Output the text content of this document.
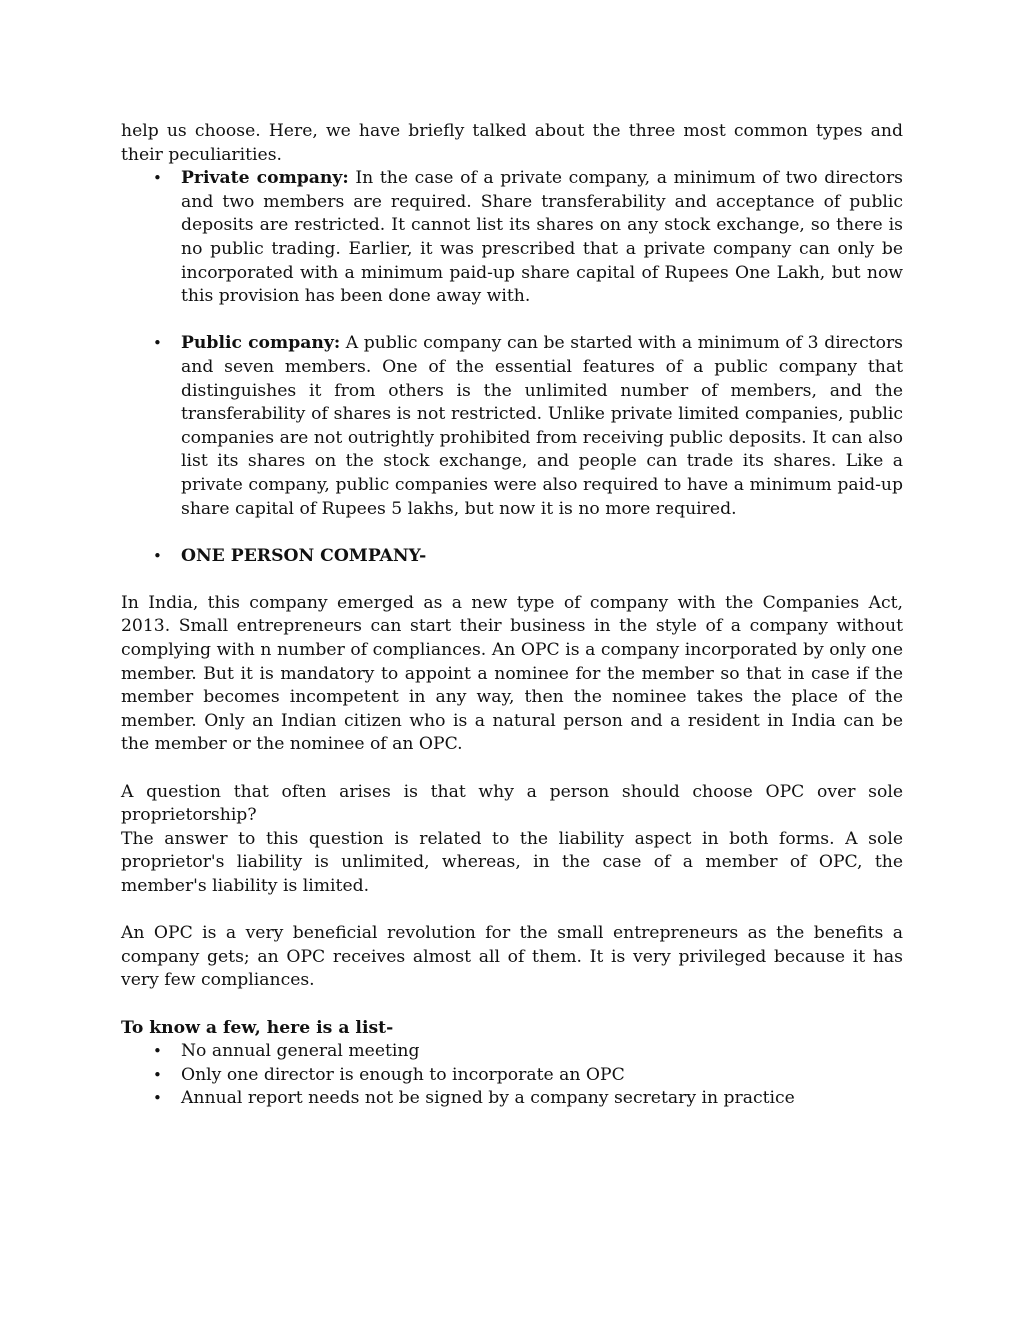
help us choose. Here, we have briefly talked about the three most common types and their peculiarities.

• Private company: In the case of a private company, a minimum of two directors and two members are required. Share transferability and acceptance of public deposits are restricted. It cannot list its shares on any stock exchange, so there is no public trading. Earlier, it was prescribed that a private company can only be incorporated with a minimum paid-up share capital of Rupees One Lakh, but now this provision has been done away with.
• Public company: A public company can be started with a minimum of 3 directors and seven members. One of the essential features of a public company that distinguishes it from others is the unlimited number of members, and the transferability of shares is not restricted. Unlike private limited companies, public companies are not outrightly prohibited from receiving public deposits. It can also list its shares on the stock exchange, and people can trade its shares. Like a private company, public companies were also required to have a minimum paid-up share capital of Rupees 5 lakhs, but now it is no more required.
• ONE PERSON COMPANY-

In India, this company emerged as a new type of company with the Companies Act, 2013. Small entrepreneurs can start their business in the style of a company without complying with n number of compliances. An OPC is a company incorporated by only one member. But it is mandatory to appoint a nominee for the member so that in case if the member becomes incompetent in any way, then the nominee takes the place of the member. Only an Indian citizen who is a natural person and a resident in India can be the member or the nominee of an OPC.

A question that often arises is that why a person should choose OPC over sole proprietorship?

The answer to this question is related to the liability aspect in both forms. A sole proprietor's liability is unlimited, whereas, in the case of a member of OPC, the member's liability is limited.

An OPC is a very beneficial revolution for the small entrepreneurs as the benefits a company gets; an OPC receives almost all of them. It is very privileged because it has very few compliances.

To know a few, here is a list-

• No annual general meeting
• Only one director is enough to incorporate an OPC
• Annual report needs not be signed by a company secretary in practice
